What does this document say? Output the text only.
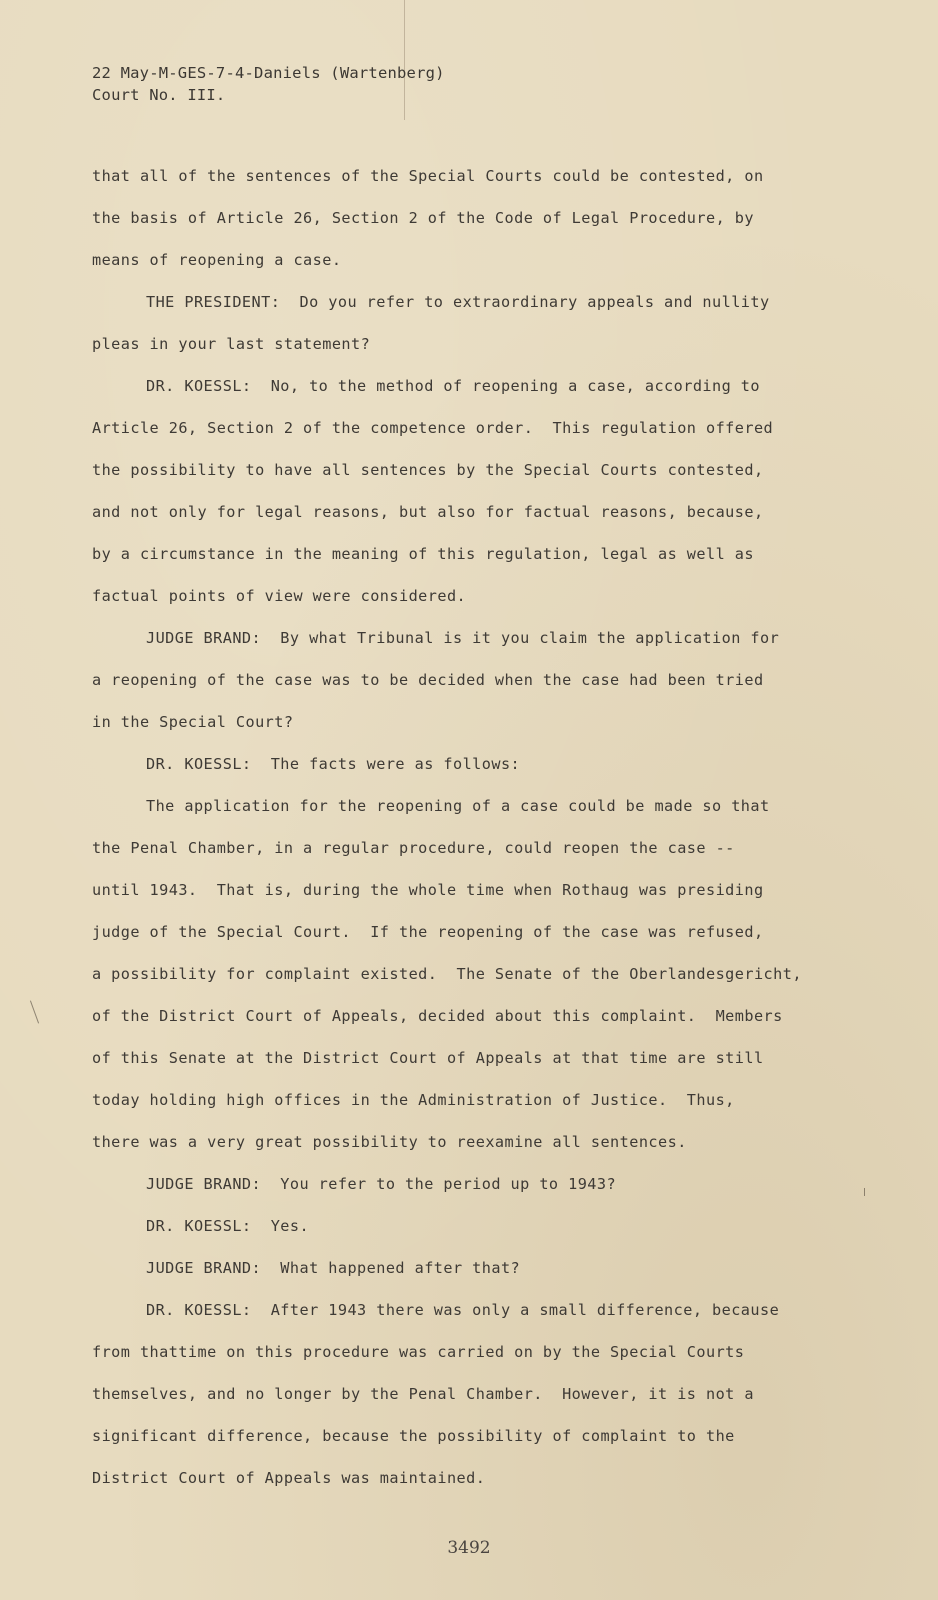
22 May-M-GES-7-4-Daniels (Wartenberg)
Court No. III.
that all of the sentences of the Special Courts could be contested, on
the basis of Article 26, Section 2 of the Code of Legal Procedure, by
means of reopening a case.
THE PRESIDENT:  Do you refer to extraordinary appeals and nullity
pleas in your last statement?
DR. KOESSL:  No, to the method of reopening a case, according to
Article 26, Section 2 of the competence order.  This regulation offered
the possibility to have all sentences by the Special Courts contested,
and not only for legal reasons, but also for factual reasons, because,
by a circumstance in the meaning of this regulation, legal as well as
factual points of view were considered.
JUDGE BRAND:  By what Tribunal is it you claim the application for
a reopening of the case was to be decided when the case had been tried
in the Special Court?
DR. KOESSL:  The facts were as follows:
The application for the reopening of a case could be made so that
the Penal Chamber, in a regular procedure, could reopen the case --
until 1943.  That is, during the whole time when Rothaug was presiding
judge of the Special Court.  If the reopening of the case was refused,
a possibility for complaint existed.  The Senate of the Oberlandesgericht,
of the District Court of Appeals, decided about this complaint.  Members
of this Senate at the District Court of Appeals at that time are still
today holding high offices in the Administration of Justice.  Thus,
there was a very great possibility to reexamine all sentences.
JUDGE BRAND:  You refer to the period up to 1943?
DR. KOESSL:  Yes.
JUDGE BRAND:  What happened after that?
DR. KOESSL:  After 1943 there was only a small difference, because
from thattime on this procedure was carried on by the Special Courts
themselves, and no longer by the Penal Chamber.  However, it is not a
significant difference, because the possibility of complaint to the
District Court of Appeals was maintained.
3492
